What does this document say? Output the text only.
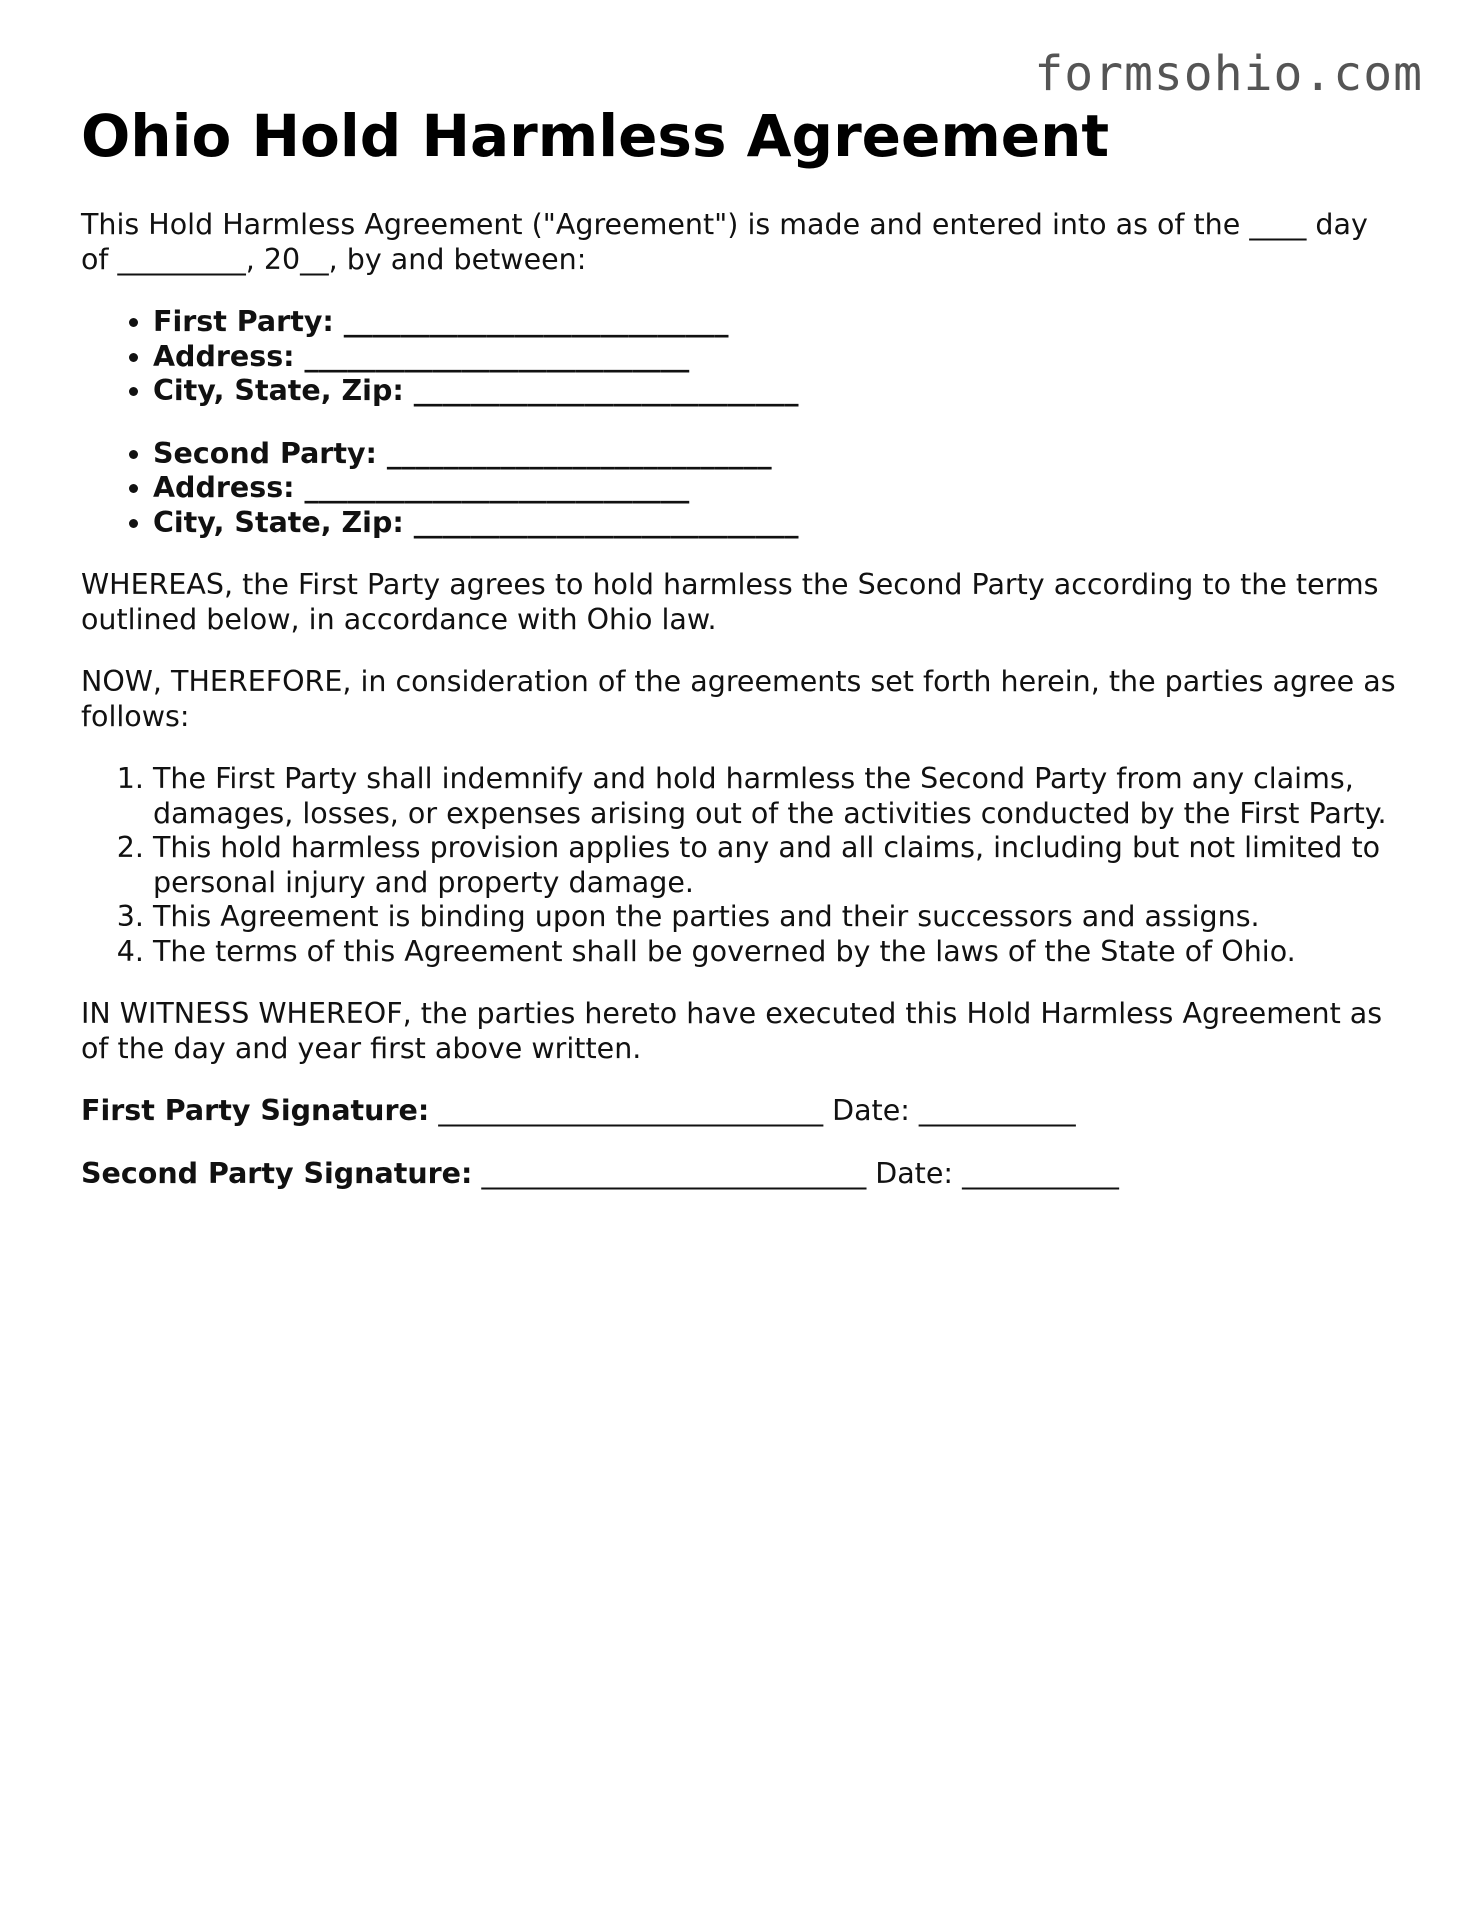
formsohio.com
Ohio Hold Harmless Agreement

This Hold Harmless Agreement ("Agreement") is made and entered into as of the ____ day of _________, 20__, by and between:

• First Party: ___________________________
• Address: ___________________________
• City, State, Zip: ___________________________
• Second Party: ___________________________
• Address: ___________________________
• City, State, Zip: ___________________________

WHEREAS, the First Party agrees to hold harmless the Second Party according to the terms outlined below, in accordance with Ohio law.

NOW, THEREFORE, in consideration of the agreements set forth herein, the parties agree as follows:

1. The First Party shall indemnify and hold harmless the Second Party from any claims, damages, losses, or expenses arising out of the activities conducted by the First Party.
2. This hold harmless provision applies to any and all claims, including but not limited to personal injury and property damage.
3. This Agreement is binding upon the parties and their successors and assigns.
4. The terms of this Agreement shall be governed by the laws of the State of Ohio.

IN WITNESS WHEREOF, the parties hereto have executed this Hold Harmless Agreement as of the day and year first above written.

First Party Signature: ___________________________ Date: ___________

Second Party Signature: ___________________________ Date: ___________
